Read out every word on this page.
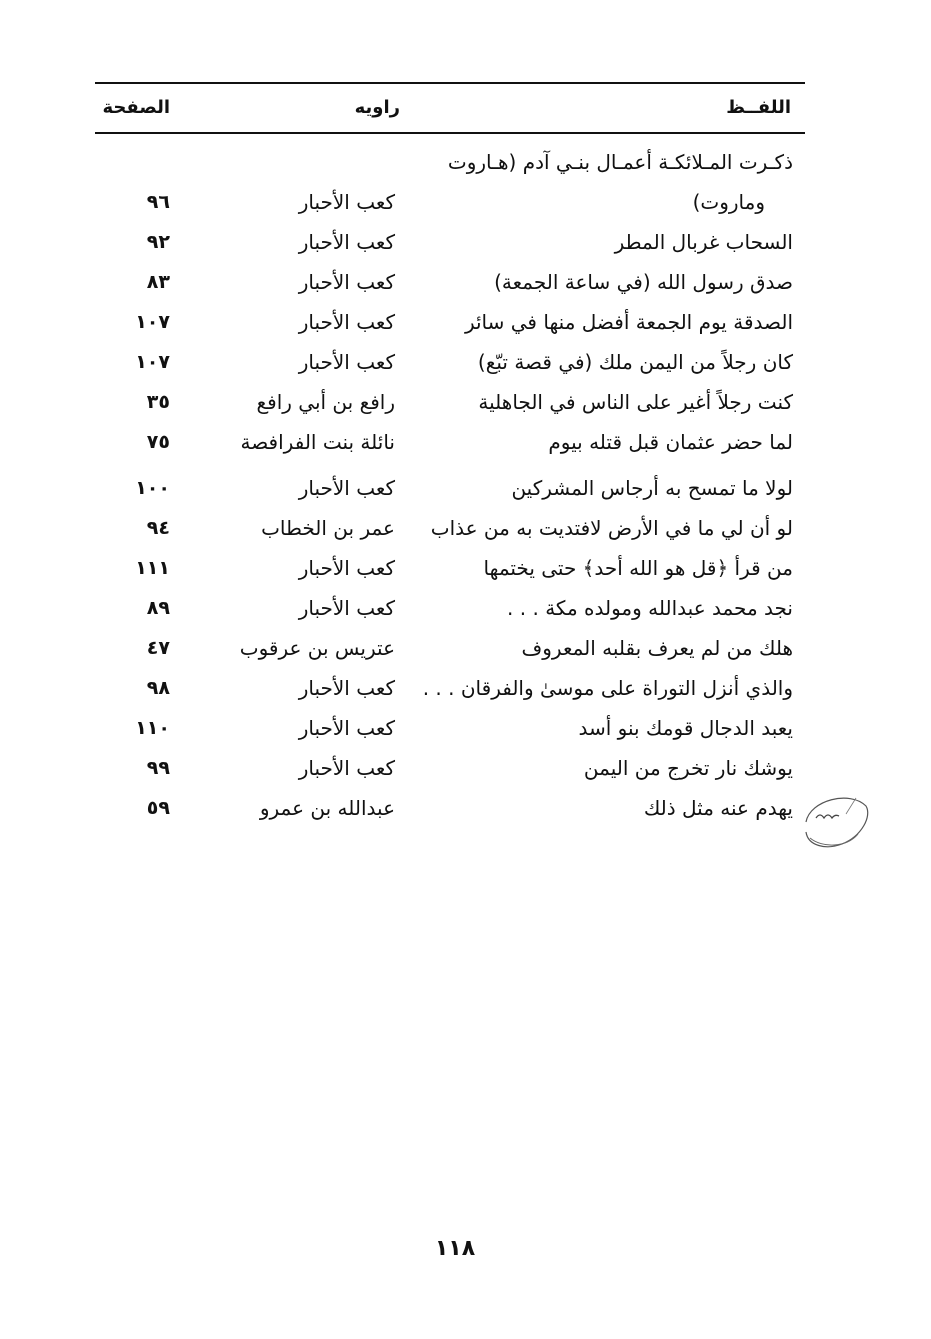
اللفــظ
راويه
الصفحة
ذكـرت المـلائكـة أعمـال بنـي آدم (هـاروت
وماروت)
كعب الأحبار
٩٦
السحاب غربال المطر
كعب الأحبار
٩٢
صدق رسول الله (في ساعة الجمعة)
كعب الأحبار
٨٣
الصدقة يوم الجمعة أفضل منها في سائر
كعب الأحبار
١٠٧
كان رجلاً من اليمن ملك (في قصة تبّع)
كعب الأحبار
١٠٧
كنت رجلاً أغير على الناس في الجاهلية
رافع بن أبي رافع
٣٥
لما حضر عثمان قبل قتله بيوم
نائلة بنت الفرافصة
٧٥
لولا ما تمسح به أرجاس المشركين
كعب الأحبار
١٠٠
لو أن لي ما في الأرض لافتديت به من عذاب
عمر بن الخطاب
٩٤
من قرأ ﴿قل هو الله أحد﴾ حتى يختمها
كعب الأحبار
١١١
نجد محمد عبدالله ومولده مكة . . .
كعب الأحبار
٨٩
هلك من لم يعرف بقلبه المعروف
عتريس بن عرقوب
٤٧
والذي أنزل التوراة على موسىٰ والفرقان . . .
كعب الأحبار
٩٨
يعبد الدجال قومك بنو أسد
كعب الأحبار
١١٠
يوشك نار تخرج من اليمن
كعب الأحبار
٩٩
يهدم عنه مثل ذلك
عبدالله بن عمرو
٥٩
١١٨
